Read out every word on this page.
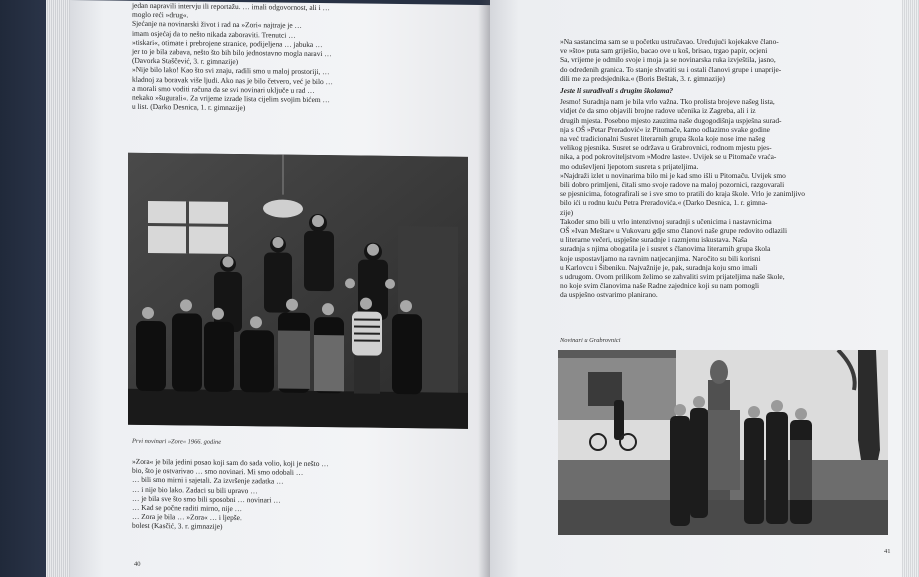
jedan napravili intervju ili reportažu. … imali odgovornost, ali i …

moglo reći »drug«.

Sjećanje na novinarski život i rad na »Zori« najtraje je …

imam osjećaj da to nešto nikada zaboraviti. Trenutci …

»tiskari«, otimate i prebrojene stranice, podijeljena … jabuka …

jer to je bila zabava, nešto što bih bilo jednostavno mogla naravi …

(Davorka Staščević, 3. r. gimnazije)

»Nije bilo lako! Kao što svi znaju, radili smo u maloj prostoriji, …

kladnoj za boravak više ljudi. Ako nas je bilo četvero, već je bilo …

a morali smo voditi računa da se svi novinari uključe u rad …

nekako »šugurali«. Za vrijeme izrade lista cijelim svojim bićem …

u list. (Darko Desnica, 1. r. gimnazije)

Prvi novinari »Zore« 1966. godine

»Zora« je bila jedini posao koji sam do sada volio, koji je nešto …

bio, što je ostvarivao … smo novinari. Mi smo odobali …

… bili smo mirni i sajetali. Za izvršenje zadatka …

… i nije bio lako. Zadaci su bili upravo …

… je bila sve što smo bili sposobni … novinari …

… Kad se počne raditi mirno, nije …

… Zora je bila … »Zora« … i ljepše.

bolest (Kasčić, 3. r. gimnazije)

40

»Na sastancima sam se u početku ustručavao. Uređujući kojekakve člano-

ve »što« puta sam griješio, bacao ove u koš, brisao, trgao papir, ocjeni

Sa, vrijeme je odmilo svoje i moja ja se novinarska ruka izvještila, jasno,

do određenih granica. To stanje shvatiti su i ostali članovi grupe i unaprije-

dili me za predsjednika.« (Boris Beštak, 3. r. gimnazije)

Jeste li surađivali s drugim školama?

Jesmo! Suradnja nam je bila vrlo važna. Tko prolista brojeve našeg lista,

vidjet će da smo objavili brojne radove učenika iz Zagreba, ali i iz

drugih mjesta. Posebno mjesto zauzima naše dugogodišnja uspješna surad-

nja s OŠ »Petar Preradović« iz Pitomače, kamo odlazimo svake godine

na već tradicionalni Susret literarnih grupa škola koje nose ime našeg

velikog pjesnika. Susret se održava u Grabrovnici, rodnom mjestu pjes-

nika, a pod pokroviteljstvom »Modre laste«. Uvijek se u Pitomače vraća-

mo oduševljeni ljepotom susreta s prijateljima.

»Najdraži izlet u novinarima bilo mi je kad smo išli u Pitomaču. Uvijek smo

bili dobro primljeni, čitali smo svoje radove na maloj pozornici, razgovarali

se pjesnicima, fotografirali se i sve smo to pratili do kraja škole. Vrlo je zanimljivo

bilo ići u rodnu kuću Petra Preradovića.« (Darko Desnica, 1. r. gimna-

zije)

Također smo bili u vrlo intenzivnoj suradnji s učenicima i nastavnicima

OŠ »Ivan Meštar« u Vukovaru gdje smo članovi naše grupe redovito odlazili

u literarne večeri, uspješne suradnje i razmjenu iskustava. Naša

suradnja s njima obogatila je i susret s članovima literarnih grupa škola

koje uspostavljamo na ravnim natjecanjima. Naročito su bili korisni

u Karlovcu i Šibeniku. Najvažnije je, pak, suradnja koju smo imali

s udrugom. Ovom prilikom želimo se zahvaliti svim prijateljima naše škole,

no koje svim članovima naše Radne zajednice koji su nam pomogli

da uspješno ostvarimo planirano.

Novinari u Grabrovnici
41
